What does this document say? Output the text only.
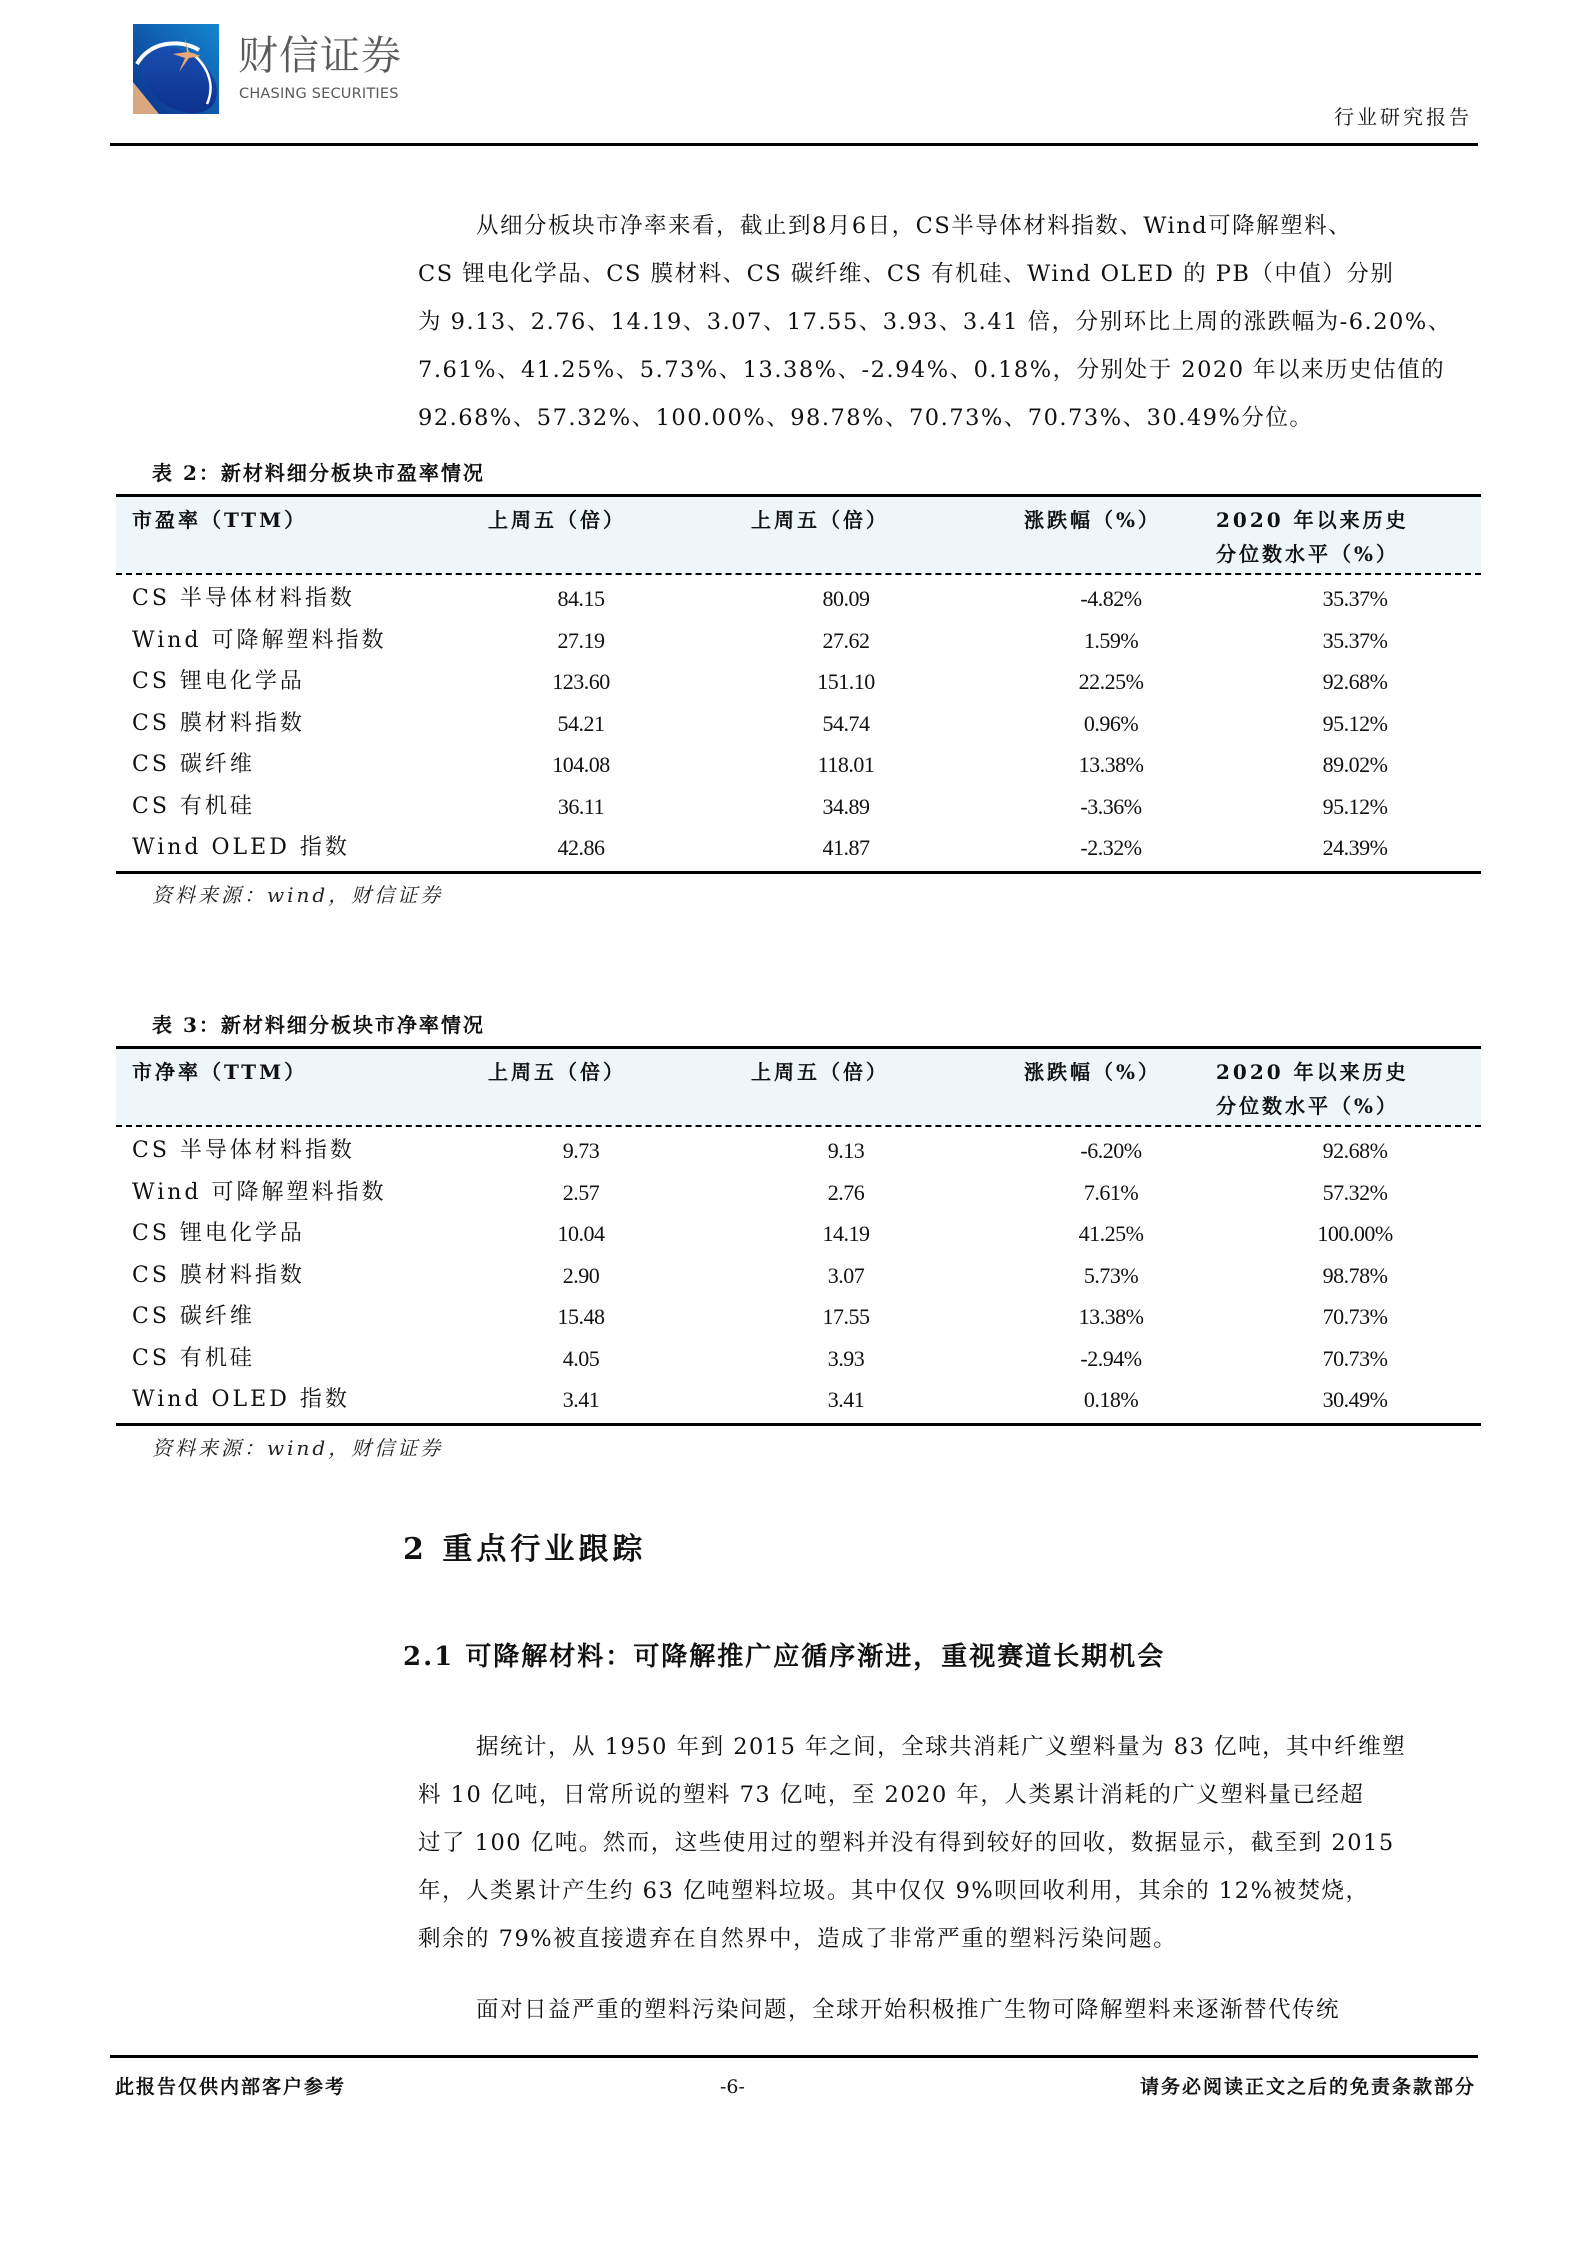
财信证券
CHASING SECURITIES
行业研究报告
从细分板块市净率来看，截止到8月6日，CS半导体材料指数、Wind可降解塑料、
CS 锂电化学品、CS 膜材料、CS 碳纤维、CS 有机硅、Wind OLED 的 PB（中值）分别
为 9.13、2.76、14.19、3.07、17.55、3.93、3.41 倍，分别环比上周的涨跌幅为-6.20%、
7.61%、41.25%、5.73%、13.38%、-2.94%、0.18%，分别处于 2020 年以来历史估值的
92.68%、57.32%、100.00%、98.78%、70.73%、70.73%、30.49%分位。
表 2：新材料细分板块市盈率情况
市盈率（TTM）	上周五（倍）	上周五（倍）	涨跌幅（%）	2020 年以来历史
分位数水平（%）
CS 半导体材料指数	84.15	80.09	-4.82%	35.37%
Wind 可降解塑料指数	27.19	27.62	1.59%	35.37%
CS 锂电化学品	123.60	151.10	22.25%	92.68%
CS 膜材料指数	54.21	54.74	0.96%	95.12%
CS 碳纤维	104.08	118.01	13.38%	89.02%
CS 有机硅	36.11	34.89	-3.36%	95.12%
Wind OLED 指数	42.86	41.87	-2.32%	24.39%
资料来源：wind，财信证券
表 3：新材料细分板块市净率情况
市净率（TTM）	上周五（倍）	上周五（倍）	涨跌幅（%）	2020 年以来历史
分位数水平（%）
CS 半导体材料指数	9.73	9.13	-6.20%	92.68%
Wind 可降解塑料指数	2.57	2.76	7.61%	57.32%
CS 锂电化学品	10.04	14.19	41.25%	100.00%
CS 膜材料指数	2.90	3.07	5.73%	98.78%
CS 碳纤维	15.48	17.55	13.38%	70.73%
CS 有机硅	4.05	3.93	-2.94%	70.73%
Wind OLED 指数	3.41	3.41	0.18%	30.49%
资料来源：wind，财信证券
2 重点行业跟踪
2.1 可降解材料：可降解推广应循序渐进，重视赛道长期机会
据统计，从 1950 年到 2015 年之间，全球共消耗广义塑料量为 83 亿吨，其中纤维塑
料 10 亿吨，日常所说的塑料 73 亿吨，至 2020 年，人类累计消耗的广义塑料量已经超
过了 100 亿吨。然而，这些使用过的塑料并没有得到较好的回收，数据显示，截至到 2015
年，人类累计产生约 63 亿吨塑料垃圾。其中仅仅 9%呗回收利用，其余的 12%被焚烧，
剩余的 79%被直接遗弃在自然界中，造成了非常严重的塑料污染问题。
面对日益严重的塑料污染问题，全球开始积极推广生物可降解塑料来逐渐替代传统
此报告仅供内部客户参考	-6-	请务必阅读正文之后的免责条款部分
